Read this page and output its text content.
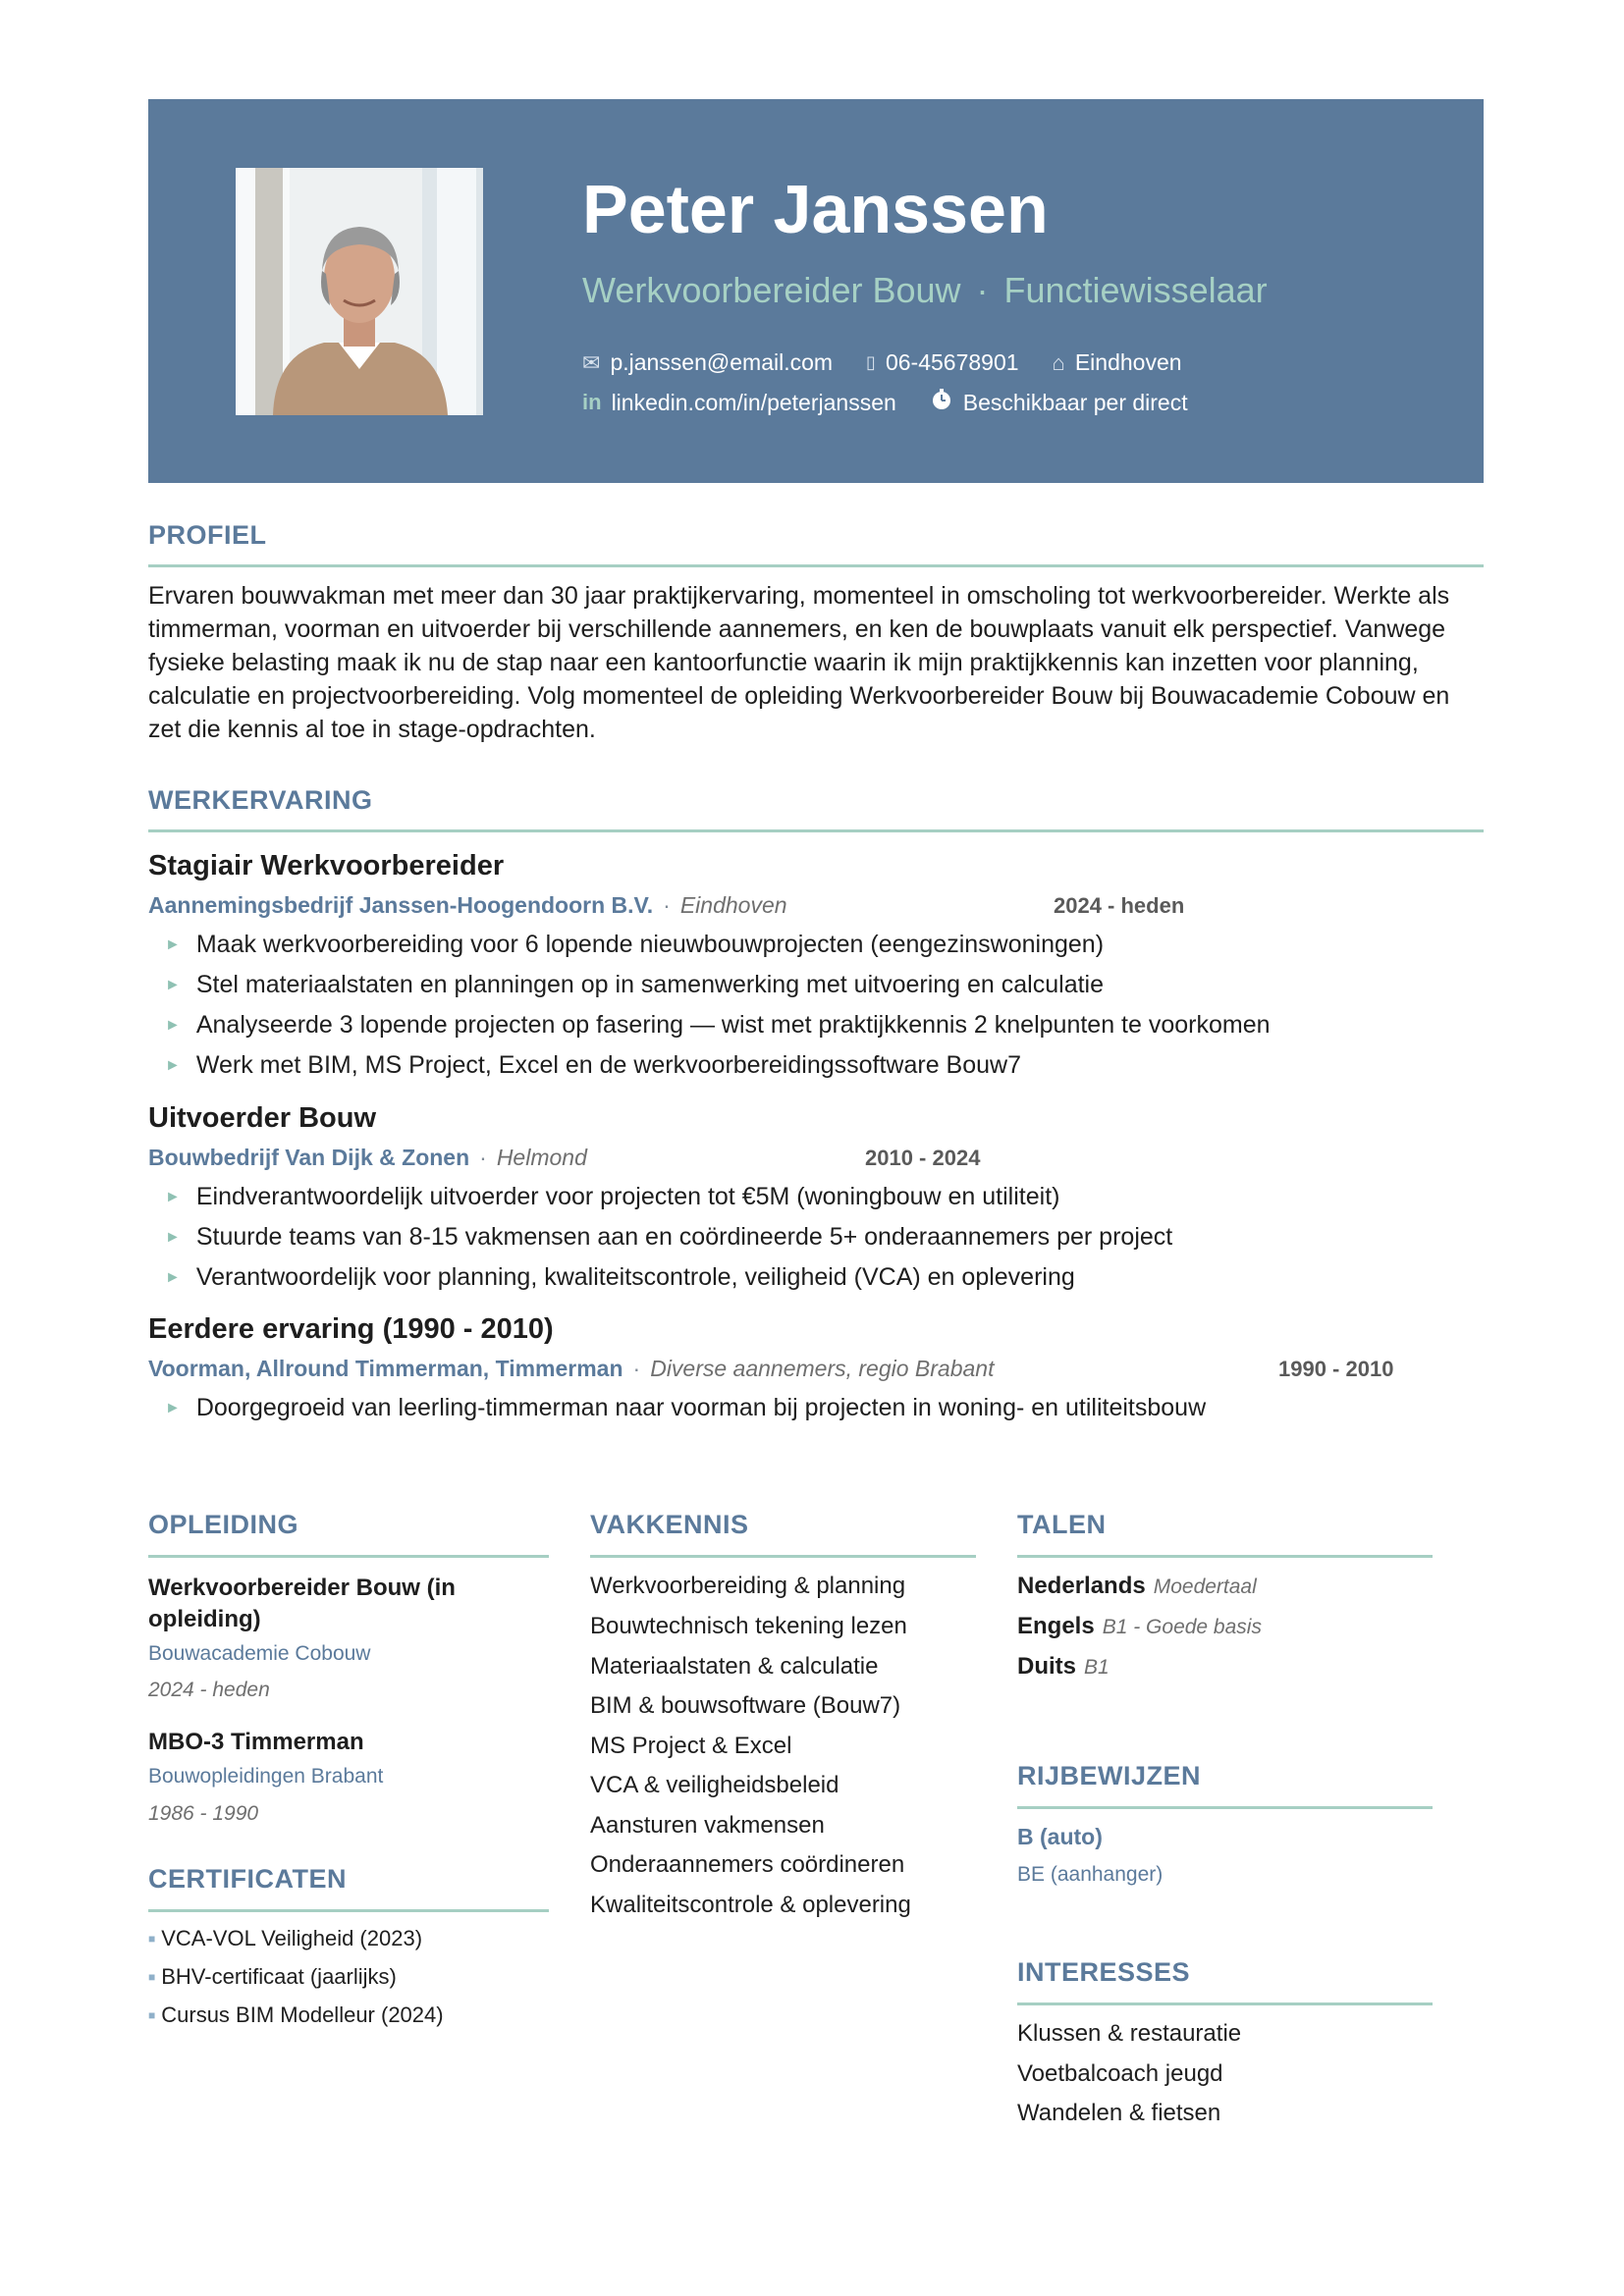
Peter Janssen
Werkvoorbereider Bouw · Functiewisselaar
✉ p.janssen@email.com ▯ 06-45678901 ⌂ Eindhoven
in linkedin.com/in/peterjanssen	Beschikbaar per direct
PROFIEL
Ervaren bouwvakman met meer dan 30 jaar praktijkervaring, momenteel in omscholing tot werkvoorbereider. Werkte als timmerman, voorman en uitvoerder bij verschillende aannemers, en ken de bouwplaats vanuit elk perspectief. Vanwege fysieke belasting maak ik nu de stap naar een kantoorfunctie waarin ik mijn praktijkkennis kan inzetten voor planning, calculatie en projectvoorbereiding. Volg momenteel de opleiding Werkvoorbereider Bouw bij Bouwacademie Cobouw en zet die kennis al toe in stage-opdrachten.
WERKERVARING
Stagiair Werkvoorbereider
Aannemingsbedrijf Janssen-Hoogendoorn B.V. · Eindhoven	2024 - heden
► Maak werkvoorbereiding voor 6 lopende nieuwbouwprojecten (eengezinswoningen)
► Stel materiaalstaten en planningen op in samenwerking met uitvoering en calculatie
► Analyseerde 3 lopende projecten op fasering — wist met praktijkkennis 2 knelpunten te voorkomen
► Werk met BIM, MS Project, Excel en de werkvoorbereidingssoftware Bouw7
Uitvoerder Bouw
Bouwbedrijf Van Dijk & Zonen · Helmond	2010 - 2024
► Eindverantwoordelijk uitvoerder voor projecten tot €5M (woningbouw en utiliteit)
► Stuurde teams van 8-15 vakmensen aan en coördineerde 5+ onderaannemers per project
► Verantwoordelijk voor planning, kwaliteitscontrole, veiligheid (VCA) en oplevering
Eerdere ervaring (1990 - 2010)
Voorman, Allround Timmerman, Timmerman · Diverse aannemers, regio Brabant	1990 - 2010
► Doorgegroeid van leerling-timmerman naar voorman bij projecten in woning- en utiliteitsbouw
OPLEIDING
Werkvoorbereider Bouw (in opleiding)
Bouwacademie Cobouw
2024 - heden
MBO-3 Timmerman
Bouwopleidingen Brabant
1986 - 1990
CERTIFICATEN
■ VCA-VOL Veiligheid (2023)
■ BHV-certificaat (jaarlijks)
■ Cursus BIM Modelleur (2024)
VAKKENNIS
Werkvoorbereiding & planning
Bouwtechnisch tekening lezen
Materiaalstaten & calculatie
BIM & bouwsoftware (Bouw7)
MS Project & Excel
VCA & veiligheidsbeleid
Aansturen vakmensen
Onderaannemers coördineren
Kwaliteitscontrole & oplevering
TALEN
Nederlands Moedertaal
Engels B1 - Goede basis
Duits B1
RIJBEWIJZEN
B (auto)
BE (aanhanger)
INTERESSES
Klussen & restauratie
Voetbalcoach jeugd
Wandelen & fietsen
